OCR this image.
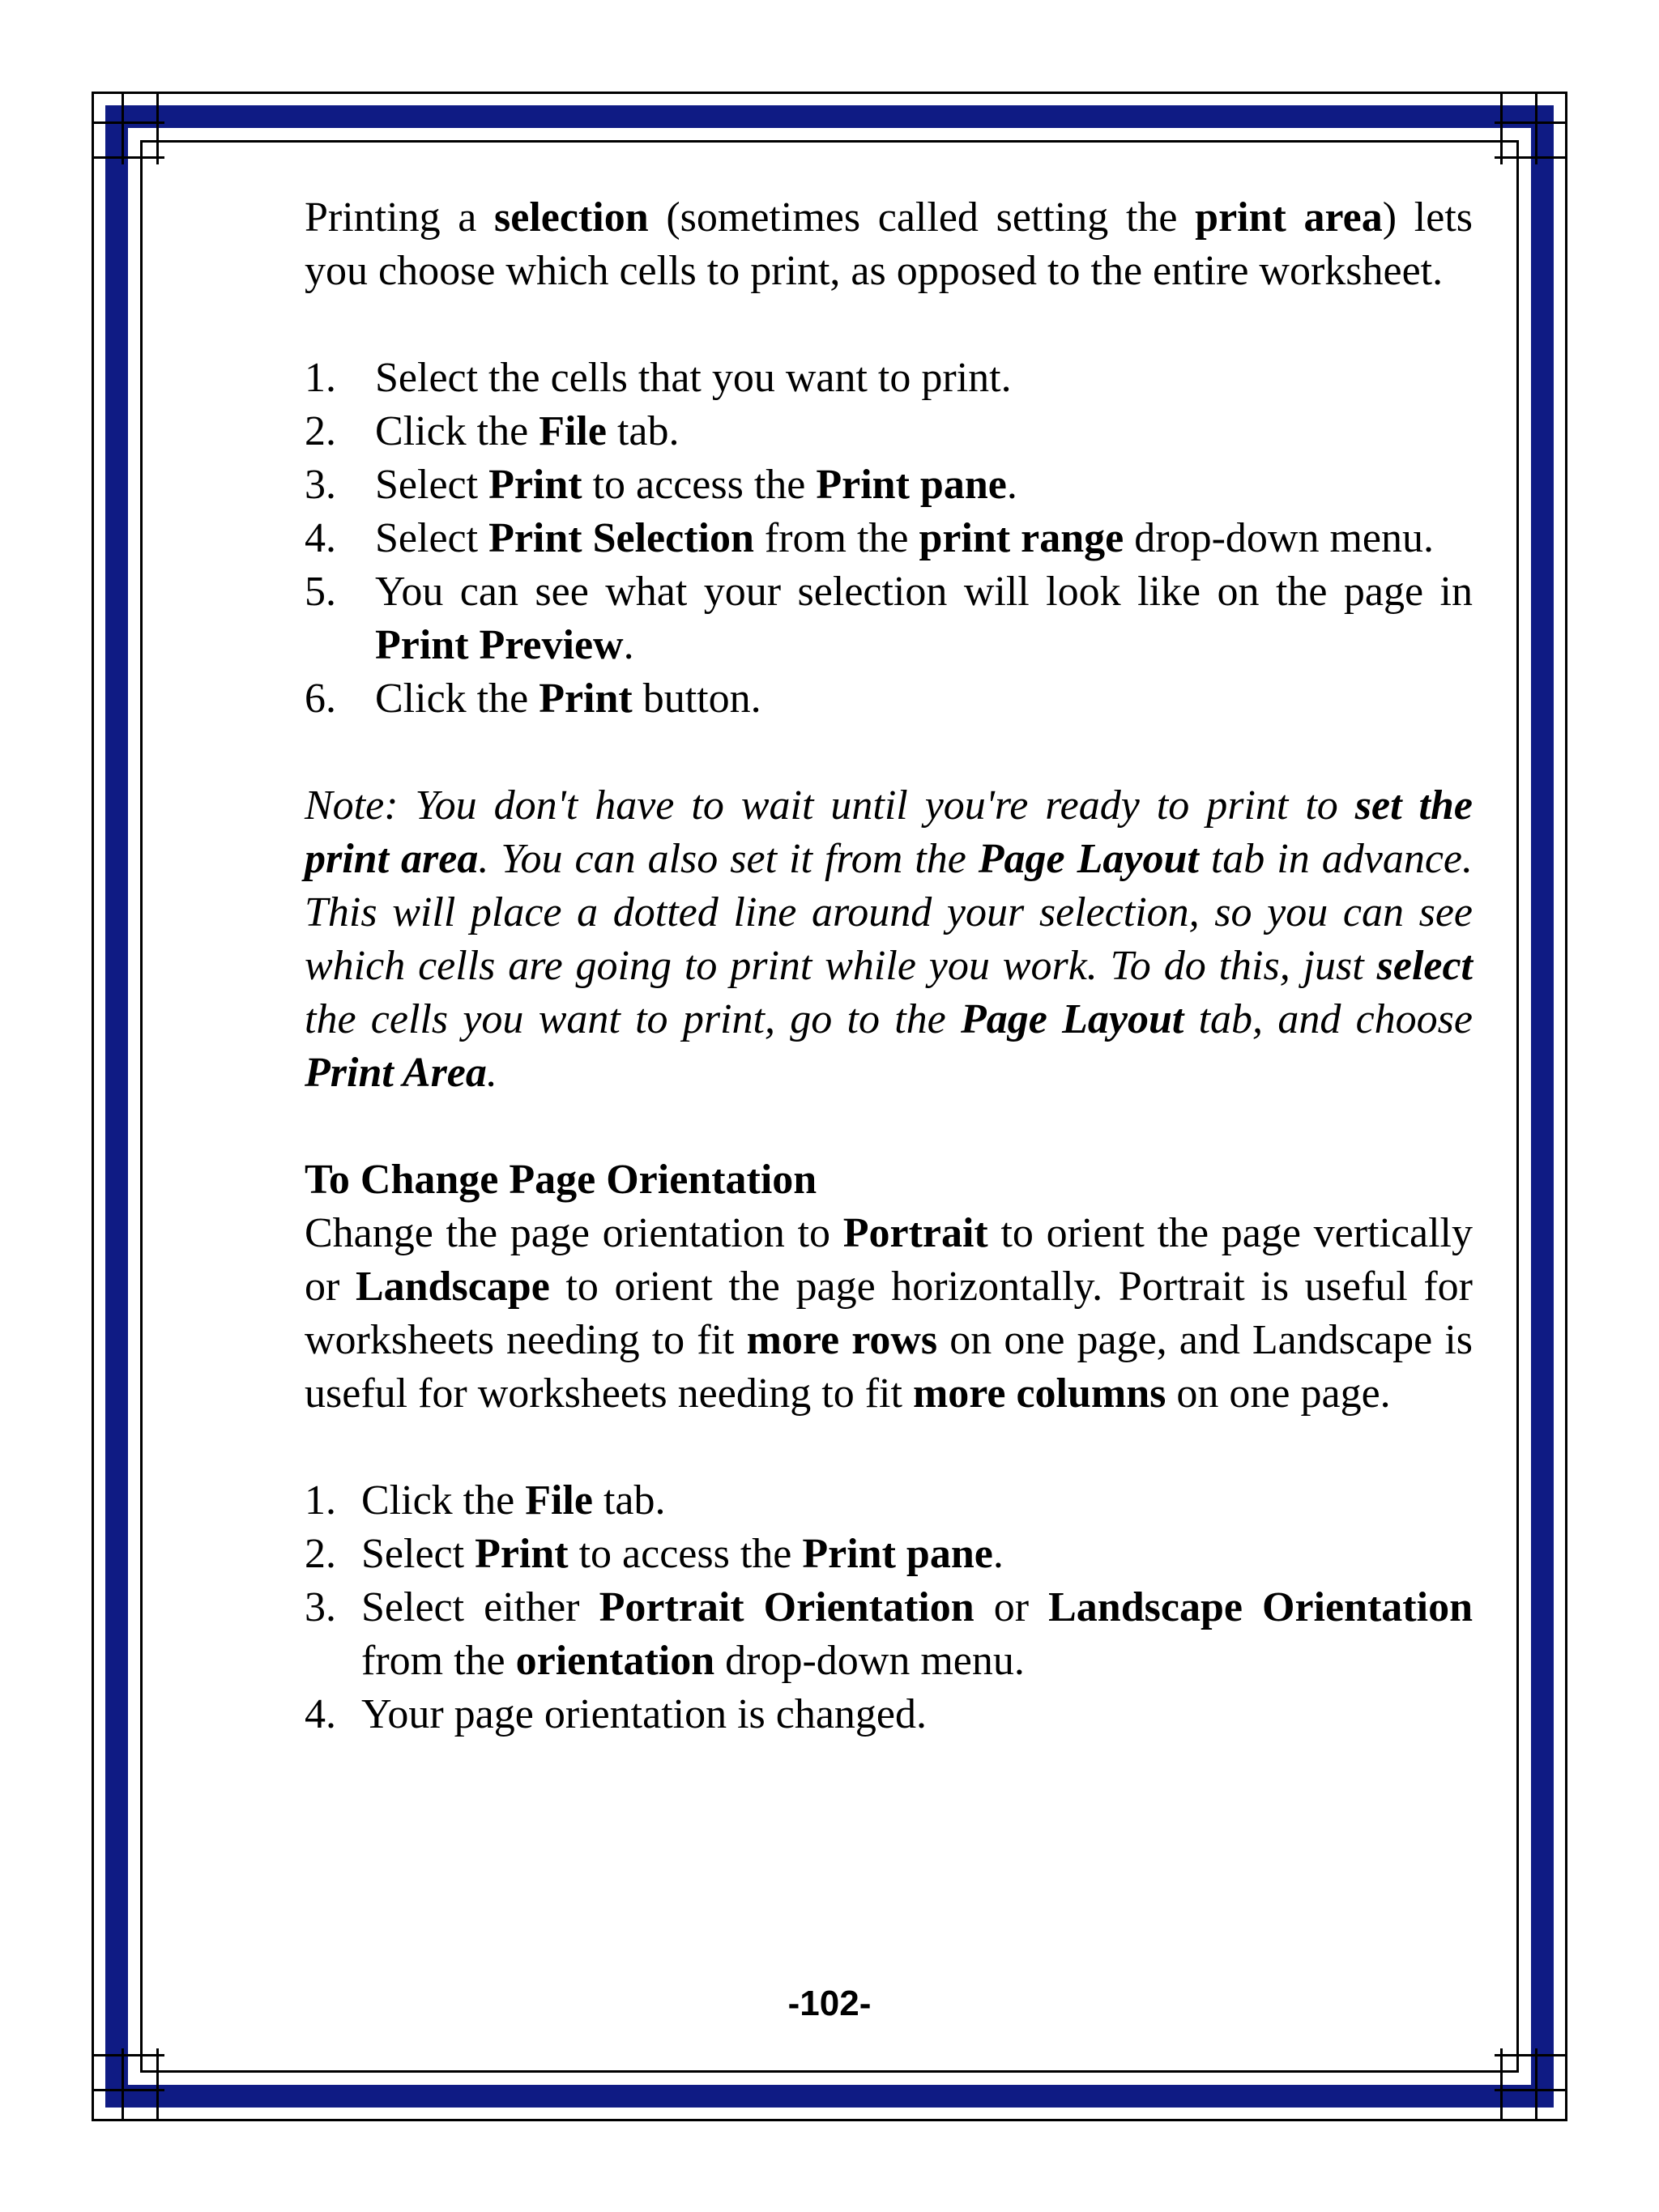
Printing a selection (sometimes called setting the print area) lets you choose which cells to print, as opposed to the entire worksheet.

1. Select the cells that you want to print.
2. Click the File tab.
3. Select Print to access the Print pane.
4. Select Print Selection from the print range drop-down menu.
5. You can see what your selection will look like on the page in Print Preview.
6. Click the Print button.

Note: You don't have to wait until you're ready to print to set the print area. You can also set it from the Page Layout tab in advance. This will place a dotted line around your selection, so you can see which cells are going to print while you work. To do this, just select the cells you want to print, go to the Page Layout tab, and choose Print Area.

To Change Page Orientation

Change the page orientation to Portrait to orient the page vertically or Landscape to orient the page horizontally. Portrait is useful for worksheets needing to fit more rows on one page, and Landscape is useful for worksheets needing to fit more columns on one page.

1. Click the File tab.
2. Select Print to access the Print pane.
3. Select either Portrait Orientation or Landscape Orientation from the orientation drop-down menu.
4. Your page orientation is changed.
-102-
